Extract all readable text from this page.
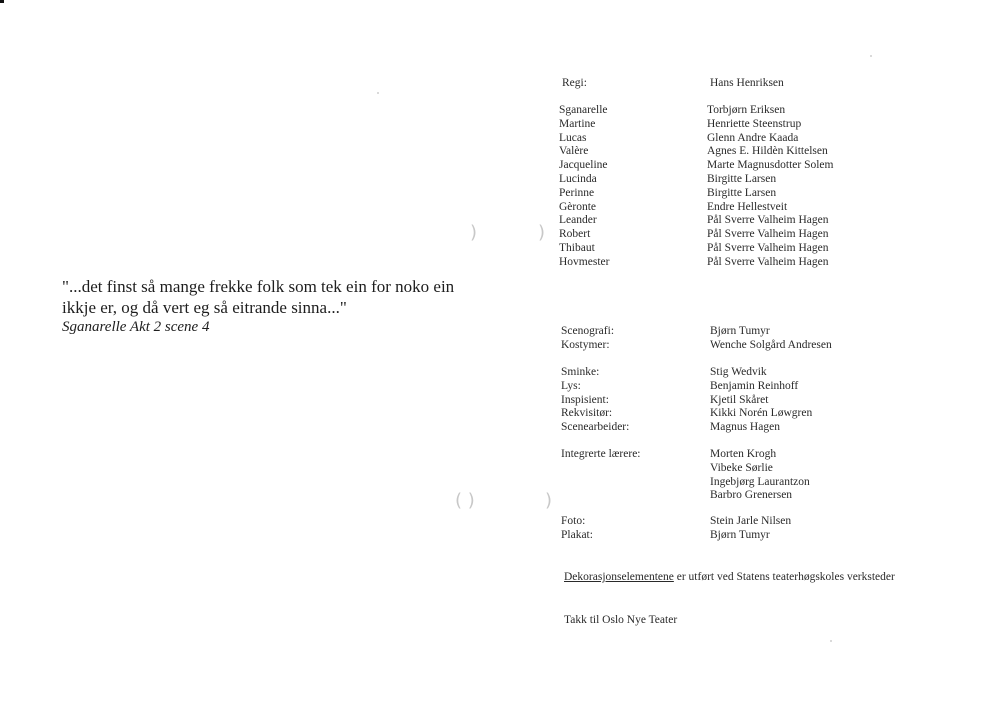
"...det finst så mange frekke folk som tek ein for noko ein
ikkje er, og då vert eg så eitrande sinna..."
Sganarelle Akt 2 scene 4
Regi:	Hans Henriksen
Sganarelle	Torbjørn Eriksen
Martine	Henriette Steenstrup
Lucas	Glenn Andre Kaada
Valère	Agnes E. Hildèn Kittelsen
Jacqueline	Marte Magnusdotter Solem
Lucinda	Birgitte Larsen
Perinne	Birgitte Larsen
Gèronte	Endre Hellestveit
Leander	Pål Sverre Valheim Hagen
Robert	Pål Sverre Valheim Hagen
Thibaut	Pål Sverre Valheim Hagen
Hovmester	Pål Sverre Valheim Hagen
Scenografi:	Bjørn Tumyr
Kostymer:	Wenche Solgård Andresen
Sminke:	Stig Wedvik
Lys:	Benjamin Reinhoff
Inspisient:	Kjetil Skåret
Rekvisitør:	Kikki Norén Løwgren
Scenearbeider:	Magnus Hagen
Integrerte lærere:	Morten Krogh
Vibeke Sørlie
Ingebjørg Laurantzon
Barbro Grenersen
Foto:	Stein Jarle Nilsen
Plakat:	Bjørn Tumyr
Dekorasjonselementene er utført ved Statens teaterhøgskoles verksteder
Takk til Oslo Nye Teater
)	)
( )	)
